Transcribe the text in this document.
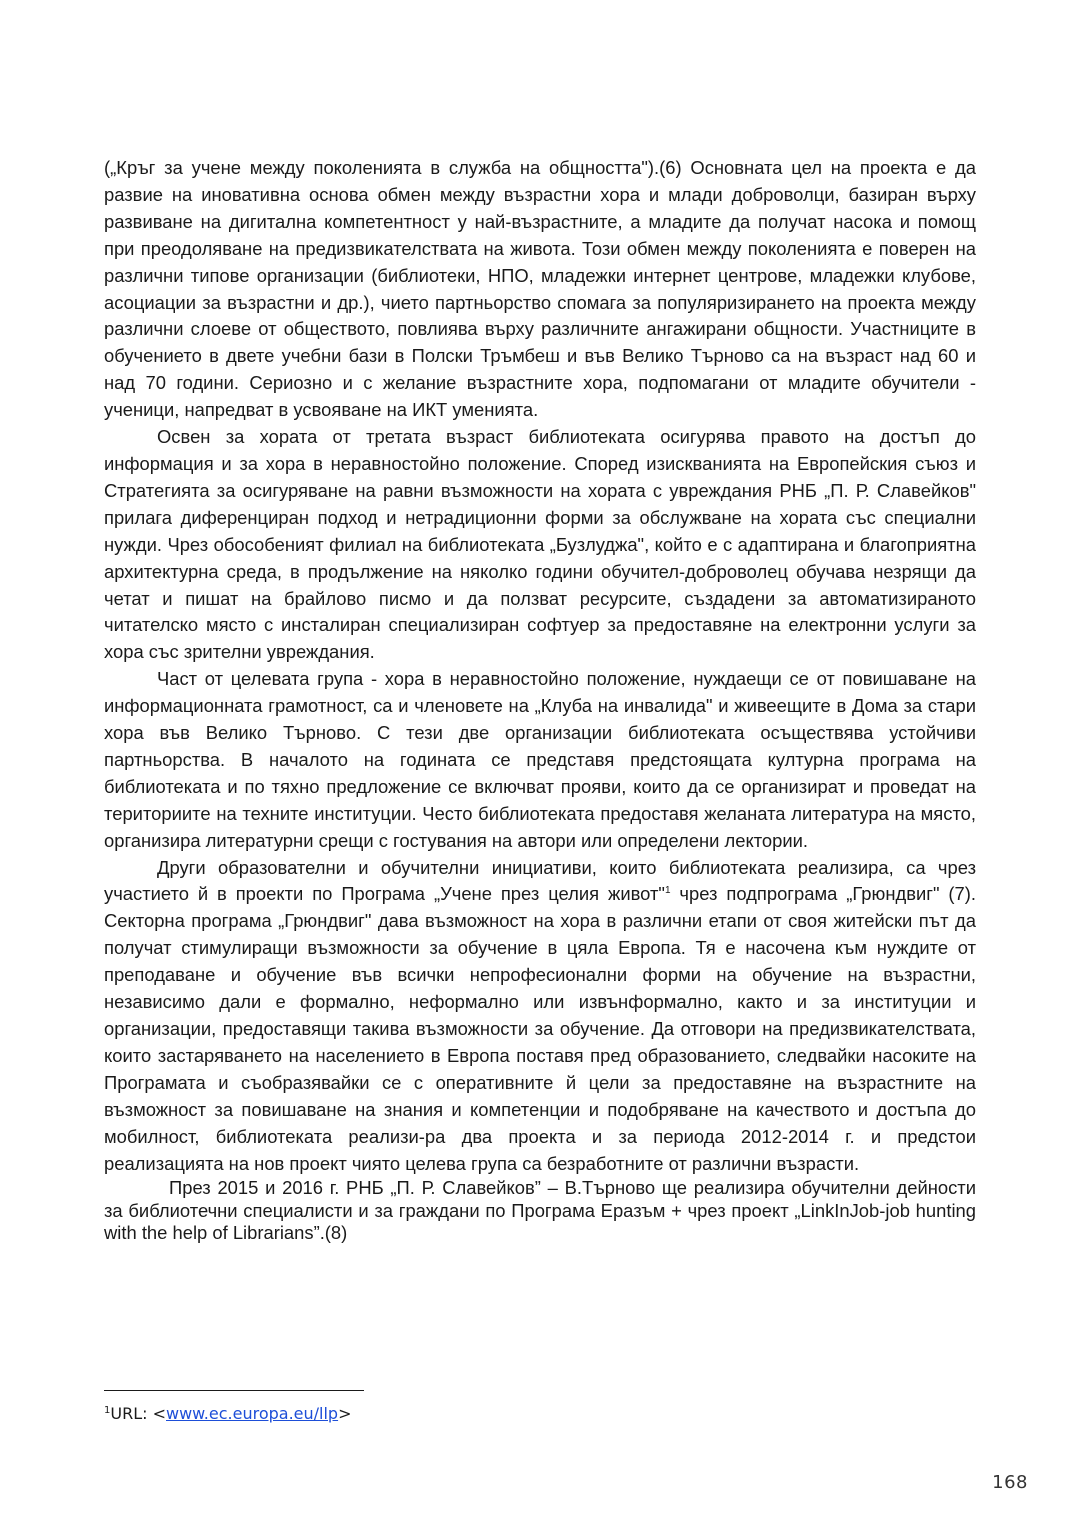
(„Кръг за учене между поколенията в служба на общността").(6) Основната цел на проекта е да развие на иновативна основа обмен между възрастни хора и млади доброволци, базиран върху развиване на дигитална компетентност у най-възрастните, а младите да получат насока и помощ при преодоляване на предизвикателствата на живота. Този обмен между поколенията е поверен на различни типове организации (библиотеки, НПО, младежки интернет центрове, младежки клубове, асоциации за възрастни и др.), чието партньорство спомага за популяризирането на проекта между различни слоеве от обществото, повлиява върху различните ангажирани общности. Участниците в обучението в двете учебни бази в Полски Тръмбеш и във Велико Търново са на възраст над 60 и над 70 години. Сериозно и с желание възрастните хора, подпомагани от младите обучители - ученици, напредват в усвояване на ИКТ уменията.

Освен за хората от третата възраст библиотеката осигурява правото на достъп до информация и за хора в неравностойно положение. Според изискванията на Европейския съюз и Стратегията за осигуряване на равни възможности на хората с увреждания РНБ „П. Р. Славейков" прилага диференциран подход и нетрадиционни форми за обслужване на хората със специални нужди. Чрез обособеният филиал на библиотеката „Бузлуджа", който е с адаптирана и благоприятна архитектурна среда, в продължение на няколко години обучител-доброволец обучава незрящи да четат и пишат на брайлово писмо и да ползват ресурсите, създадени за автоматизираното читателско място с инсталиран специализиран софтуер за предоставяне на електронни услуги за хора със зрителни увреждания.

Част от целевата група - хора в неравностойно положение, нуждаещи се от повишаване на информационната грамотност, са и членовете на „Клуба на инвалида" и живеещите в Дома за стари хора във Велико Търново. С тези две организации библиотеката осъществява устойчиви партньорства. В началото на годината се представя предстоящата културна програма на библиотеката и по тяхно предложение се включват прояви, които да се организират и проведат на териториите на техните институции. Често библиотеката предоставя желаната литература на място, организира литературни срещи с гостувания на автори или определени лектории.

Други образователни и обучителни инициативи, които библиотеката реализира, са чрез участието й в проекти по Програма „Учене през целия живот"$^1$ чрез подпрограма „Грюндвиг" (7). Секторна програма „Грюндвиг" дава възможност на хора в различни етапи от своя житейски път да получат стимулиращи възможности за обучение в цяла Европа. Тя е насочена към нуждите от преподаване и обучение във всички непрофесионални форми на обучение на възрастни, независимо дали е формално, неформално или извънформално, както и за институции и организации, предоставящи такива възможности за обучение. Да отговори на предизвикателствата, които застаряването на населението в Европа поставя пред образованието, следвайки насоките на Програмата и съобразявайки се с оперативните й цели за предоставяне на възрастните на възможност за повишаване на знания и компетенции и подобряване на качеството и достъпа до мобилност, библиотеката реализи-ра два проекта и за периода 2012-2014 г. и предстои реализацията на нов проект чиято целева група са безработните от различни възрасти.

През 2015 и 2016 г. РНБ „П. Р. Славейков” – В.Търново ще реализира обучителни дейности за библиотечни специалисти и за граждани по Програма Еразъм + чрез проект „LinkInJob-job hunting with the help of Librarians”.(8)

$^1$URL: <www.ec.europa.eu/llp>
168
